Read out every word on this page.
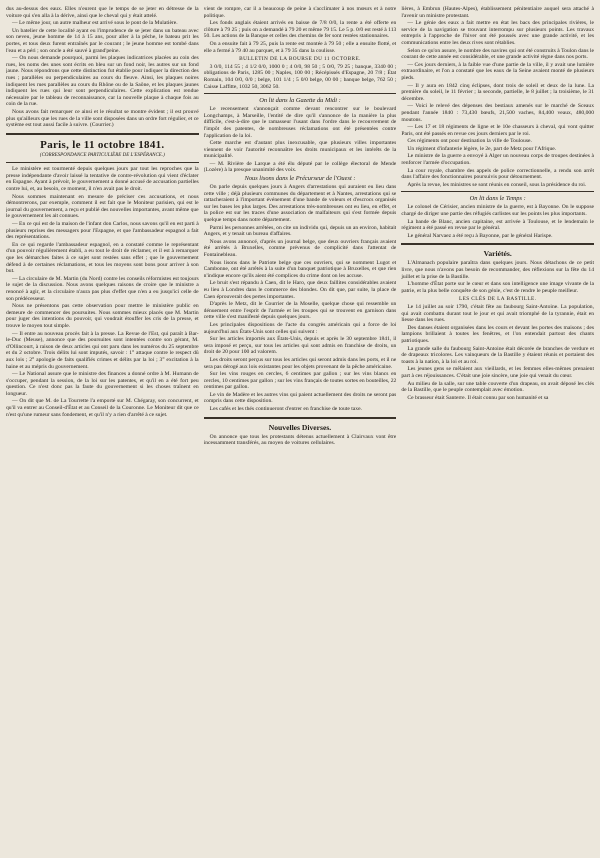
dus au-dessus des eaux. Elles n'eurent que le temps de se jeter en détresse de la voiture qui s'en alla à la dérive, ainsi que le cheval qui y était attelé.

— Le même jour, un autre malheur est arrivé sous le pont de la Mulatière.

Un batelier de cette localité ayant eu l'imprudence de se jeter dans un bateau avec son neveu, jeune homme de 14 à 15 ans, pour aller à la pêche, le bateau prit les portes, et tous deux furent entraînés par le courant ; le jeune homme est tombé dans l'eau et a péri ; son oncle a été sauvé à grand'peine.

— On nous demande pourquoi, parmi les plaques indicatrices placées au coin des rues, les noms des unes sont écrits en bleu sur un fond noir, les autres sur un fond jaune. Nous répondrons que cette distinction fut établie pour indiquer la direction des rues ; parallèles ou perpendiculaires au cours du fleuve. Ainsi, les plaques noires indiquent les rues parallèles au cours du Rhône ou de la Saône, et les plaques jaunes indiquent les rues qui leur sont perpendiculaires. Cette explication est rendue nécessaire par le tableau de reconnaissance, car la nouvelle plaque à chaque fois au coin de la rue.

Nous avons fait remarquer ce ainsi et le résultat se montre évident ; il est prouvé plus qu'ailleurs que les rues de la ville sont disposées dans un ordre fort régulier, et ce système est tout aussi facile à suivre. (Courrier.)

Paris, le 11 octobre 1841.
(CORRESPONDANCE PARTICULIÈRE DE L'ESPÉRANCE.)

Le ministère est tourmenté depuis quelques jours par tout les reproches que la presse indépendante d'avoir laissé la tentative de contre-révolution qui vient d'éclater en Espagne. Ayant à prévoir, le gouvernement a donné accusé de accusation partielles contre lui, et, au besoin, ce moment, il n'en avait pas le droit.

Nous sommes maintenant en mesure de préciser ces accusations, et nous démontrerons, par exemple, comment il est fait que le Moniteur parisien, qui est le journal du gouvernement, a reçu et publié des nouvelles importantes, avant même que le gouvernement les ait connues.

— En ce qui est de la maison de l'infant don Carlos, nous savons qu'il en est parti à plusieurs reprises des messagers pour l'Espagne, et que l'ambassadeur espagnol a fait des représentations.

En ce qui regarde l'ambassadeur espagnol, en a constaté comme le représentant d'un pouvoir régulièrement établi, a eu tout le droit de réclamer, et il est à remarquer que les démarches faites à ce sujet sont restées sans effet ; que le gouvernement défend à de certaines réclamations, et tous les moyens sont bons pour arriver à son but.

— La circulaire de M. Martin (du Nord) contre les conseils réformistes est toujours le sujet de la discussion. Nous avons quelques raisons de croire que le ministre a renoncé à agir, et la circulaire n'aura pas plus d'effet que n'en a eu jusqu'ici celle de son prédécesseur.

Nous ne présentons pas cette observation pour mettre le ministère public en demeure de commencer des poursuites. Nous sommes mieux placés que M. Martin pour juger des intentions du pouvoir, qui voudrait étouffer les cris de la presse, et trouve le moyen tout simple.

— Il entre au nouveau procès fait à la presse. La Revue de l'Est, qui paraît à Bar-le-Duc (Meuse), annonce que des poursuites sont intentées contre son gérant, M. d'Ollincourt, à raison de deux articles qui ont paru dans les numéros du 25 septembre et du 2 octobre. Trois délits lui sont imputés, savoir : 1° attaque contre le respect dû aux lois ; 2° apologie de faits qualifiés crimes et délits par la loi ; 3° excitation à la haine et au mépris du gouvernement.

— Le National assure que le ministre des finances a donné ordre à M. Humann de s'occuper, pendant la session, de la loi sur les patentes, et qu'il en a été fort peu question. Ce n'est donc pas la faute du gouvernement si les choses traînent en longueur.

— On dit que M. de La Tourrette l'a emporté sur M. Chégaray, son concurrent, et qu'il va entrer au Conseil-d'État et au Conseil de la Couronne. Le Moniteur dit que ce n'est qu'une rumeur sans fondement, et qu'il n'y a rien d'arrêté à ce sujet.

vient de rompre, car il a beaucoup de peine à s'acclimater à nos mœurs et à notre politique.

Les fonds anglais étaient arrivés en baisse de 7/8 0/0, la rente a été offerte en clôture à 79 25 ; puis on a demandé à 79 20 et même 79 15. Le 5 p. 0/0 est resté à 113 50. Les actions de la Banque et celles des chemins de fer sont restées stationnaires.

On a ensuite fait à 79 25, puis la rente est montée à 79 50 ; elle a ensuite flotté, et elle a fermé à 79 40 au parquet, et à 79 35 dans la coulisse.

BULLETIN DE LA BOURSE DU 11 OCTOBRE.

3 0/0, 114 55 ; 4 1/2 0/0, 1000 0 ; 4 0/0, 98 50 ; 5 0/0, 79 25 ; banque, 3340 00 ; obligations de Paris, 1285 00 ; Naples, 100 00 ; Récépissés d'Espagne, 20 7/8 ; État Romain, 104 0/0, 0/0 ; belge, 101 1/4 ; 5 0/0 belge, 00 00 ; banque belge, 762 50 ; Caisse Laffitte, 1032 50, 3062 50.

On lit dans la Gazette du Midi :

Le recensement s'annonçait comme devant rencontrer sur le boulevard Longchamps, à Marseille, l'entité de dire qu'il s'annonce de la manière la plus difficile, c'est-à-dire que le ramasseur l'usant dans l'ordre dans le recouvrement de l'impôt des patentes, de nombreuses réclamations ont été présentées contre l'application de la loi.

Cette marche est d'autant plus inexcusable, que plusieurs villes importantes viennent de voir l'autorité reconnaître les droits municipaux et les intérêts de la municipalité.

— M. Rivière de Larque a été élu député par le collège électoral de Mende (Lozère) à la presque unanimité des voix.

Nous lisons dans le Précurseur de l'Ouest :

On parle depuis quelques jours à Angers d'arrestations qui auraient eu lieu dans cette ville ; déjà plusieurs communes du département et à Nantes, arrestations qui se rattacheraient à l'important événement d'une bande de voleurs et d'escrocs organisés sur les bases les plus larges. Des arrestations très-nombreuses ont eu lieu, en effet, et la police est sur les traces d'une association de malfaiteurs qui s'est formée depuis quelque temps dans notre département.

Parmi les personnes arrêtées, on cite un individu qui, depuis un an environ, habitait Angers, et y tenait un bureau d'affaires.

Nous avons annoncé, d'après un journal belge, que deux ouvriers français avaient été arrêtés à Bruxelles, comme prévenus de complicité dans l'attentat de Fontainebleau.

Nous lisons dans le Patriote belge que ces ouvriers, qui se nomment Lugot et Cambonne, ont été arrêtés à la suite d'un banquet patriotique à Bruxelles, et que rien n'indique encore qu'ils aient été complices du crime dont on les accuse.

Le bruit s'est répandu à Caen, dit le Haro, que deux faillites considérables avaient eu lieu à Londres dans le commerce des blondes. On dit que, par suite, la place de Caen éprouverait des pertes importantes.

D'après le Metz, dit le Courrier de la Moselle, quelque chose qui ressemble un dénuement entre l'esprit de l'armée et les troupes qui se trouvent en garnison dans cette ville s'est manifesté depuis quelques jours.

Les principales dispositions de l'acte du congrès américain qui a force de loi aujourd'hui aux États-Unis sont celles qui suivent :

Sur les articles importés aux États-Unis, depuis et après le 30 septembre 1841, il sera imposé et perçu, sur tous les articles qui sont admis en franchise de droits, un droit de 20 pour 100 ad valorem.

Les droits seront perçus sur tous les articles qui seront admis dans les ports, et il ne sera pas dérogé aux lois existantes pour les objets provenant de la pêche américaine.

Sur les vins rouges en cercles, 6 centimes par gallon ; sur les vins blancs en cercles, 10 centimes par gallon ; sur les vins français de toutes sortes en bouteilles, 22 centimes par gallon.

Le vin de Madère et les autres vins qui paient actuellement des droits ne seront pas compris dans cette disposition.

Les cafés et les thés continueront d'entrer en franchise de toute taxe.

Nouvelles Diverses.

On annonce que tous les protestants détenus actuellement à Clairvaux vont être incessamment transférés, au moyen de voitures cellulaires.

lières, à Embrun (Hautes-Alpes), établissement pénitentiaire auquel sera attaché à l'avenir un ministre protestant.

— Le génie des eaux a fait mettre en état les bacs des principales rivières, le service de la navigation se trouvant interrompu sur plusieurs points. Les travaux entrepris à l'approche de l'hiver ont été poussés avec une grande activité, et les communications entre les deux rives sont rétablies.

Selon ce qu'on assure, le nombre des navires qui ont été construits à Toulon dans le courant de cette année est considérable, et une grande activité règne dans nos ports.

— Ces jours derniers, à la faible vue d'une partie de la ville, il y avait une lumière extraordinaire, et l'on a constaté que les eaux de la Seine avaient monté de plusieurs pieds.

— Il y aura en 1842 cinq éclipses, dont trois de soleil et deux de la lune. La première du soleil, le 11 février ; la seconde, partielle, le 8 juillet ; la troisième, le 31 décembre.

— Voici le relevé des dépenses des bestiaux amenés sur le marché de Sceaux pendant l'année 1840 : 73,430 bœufs, 21,500 vaches, 84,400 veaux, 480,000 moutons.

— Les 17 et 18 régiments de ligne et le 10e chasseurs à cheval, qui vont quitter Paris, ont été passés en revue ces jours derniers par le roi.

Ces régiments ont pour destination la ville de Toulouse.

Un régiment d'infanterie légère, le 2e, part de Metz pour l'Afrique.

Le ministre de la guerre a envoyé à Alger un nouveau corps de troupes destinées à renforcer l'armée d'occupation.

La cour royale, chambre des appels de police correctionnelle, a rendu son arrêt dans l'affaire des fonctionnaires poursuivis pour détournement.

Après la revue, les ministres se sont réunis en conseil, sous la présidence du roi.

On lit dans le Temps :

Le colonel de Cérisier, ancien ministre de la guerre, est à Bayonne. On le suppose chargé de diriger une partie des réfugiés carlistes sur les points les plus importants.

La bande de Blanc, ancien capitaine, est arrivée à Toulouse, et le lendemain le régiment a été passé en revue par le général.

Le général Narvaez a été reçu à Bayonne, par le général Harispe.

Variétés.

L'Almanach populaire paraîtra dans quelques jours. Nous détachons de ce petit livre, que nous n'avons pas besoin de recommander, des réflexions sur la fête du 14 juillet et la prise de la Bastille.

L'homme d'État porte sur le cœur et dans son intelligence une image vivante de la patrie, et la plus belle conquête de son génie, c'est de rendre le peuple meilleur.

LES CLÉS DE LA BASTILLE.

Le 14 juillet au soir 1790, c'était fête au faubourg Saint-Antoine. La population, qui avait combattu durant tout le jour et qui avait triomphé de la tyrannie, était en liesse dans les rues.

Des danses étaient organisées dans les cours et devant les portes des maisons ; des lampions brillaient à toutes les fenêtres, et l'on entendait partout des chants patriotiques.

La grande salle du faubourg Saint-Antoine était décorée de branches de verdure et de drapeaux tricolores. Les vainqueurs de la Bastille y étaient réunis et portaient des toasts à la nation, à la loi et au roi.

Les jeunes gens se mêlaient aux vieillards, et les femmes elles-mêmes prenaient part à ces réjouissances. C'était une joie sincère, une joie qui venait du cœur.

Au milieu de la salle, sur une table couverte d'un drapeau, on avait déposé les clés de la Bastille, que le peuple contemplait avec émotion.

Ce brasseur était Santerre. Il était connu par son humanité et sa
